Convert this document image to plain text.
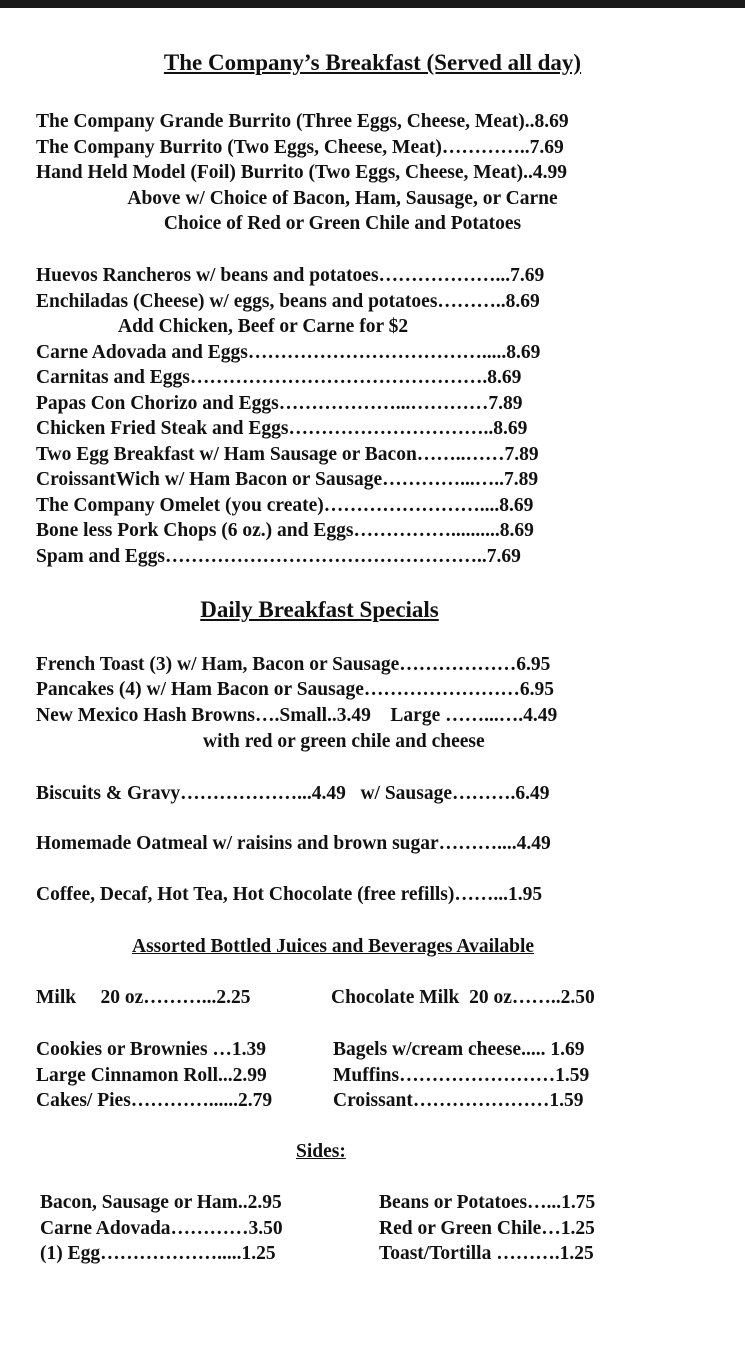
The Company’s Breakfast (Served all day)
The Company Grande Burrito (Three Eggs, Cheese, Meat)..8.69
The Company Burrito (Two Eggs, Cheese, Meat)…………..7.69
Hand Held Model (Foil) Burrito (Two Eggs, Cheese, Meat)..4.99
Above w/ Choice of Bacon, Ham, Sausage, or Carne
Choice of Red or Green Chile and Potatoes
Huevos Rancheros w/ beans and potatoes………………...7.69
Enchiladas (Cheese) w/ eggs, beans and potatoes………..8.69
Add Chicken, Beef or Carne for $2
Carne Adovada and Eggs……………………………….....8.69
Carnitas and Eggs……………………………………….8.69
Papas Con Chorizo and Eggs………………...…………7.89
Chicken Fried Steak and Eggs…………………………..8.69
Two Egg Breakfast w/ Ham Sausage or Bacon……..……7.89
CroissantWich w/ Ham Bacon or Sausage…………...…..7.89
The Company Omelet (you create)……………………....8.69
Bone less Pork Chops (6 oz.) and Eggs……………..........8.69
Spam and Eggs…………………………………………..7.69
Daily Breakfast Specials
French Toast (3) w/ Ham, Bacon or Sausage………………6.95
Pancakes (4) w/ Ham Bacon or Sausage……………………6.95
New Mexico Hash Browns….Small..3.49    Large ……...….4.49
with red or green chile and cheese
Biscuits & Gravy………………...4.49   w/ Sausage……….6.49
Homemade Oatmeal w/ raisins and brown sugar………....4.49
Coffee, Decaf, Hot Tea, Hot Chocolate (free refills)……...1.95
Assorted Bottled Juices and Beverages Available
Milk     20 oz………...2.25	Chocolate Milk  20 oz……..2.50
Cookies or Brownies …1.39
Large Cinnamon Roll...2.99
Cakes/ Pies…………......2.79
Bagels w/cream cheese..... 1.69
Muffins……………………1.59
Croissant…………………1.59
Sides:
Bacon, Sausage or Ham..2.95
Carne Adovada…………3.50
(1) Egg……………….....1.25
Beans or Potatoes…...1.75
Red or Green Chile…1.25
Toast/Tortilla ……….1.25
